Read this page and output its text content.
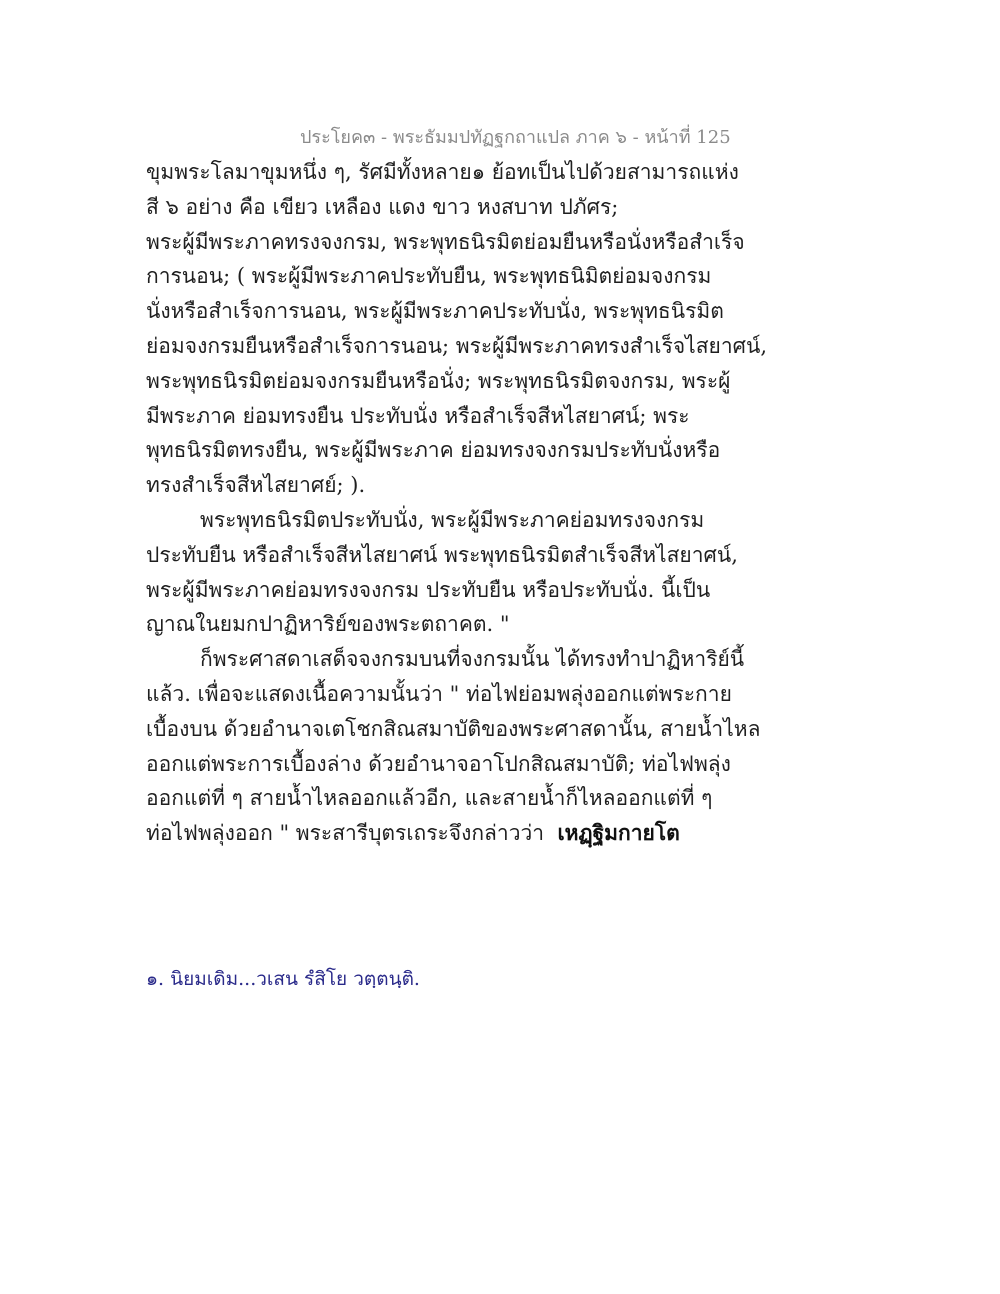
ประโยค๓ - พระธัมมปทัฏฐกถาแปล ภาค ๖ - หน้าที่ 125
ขุมพระโลมาขุมหนึ่ง ๆ, รัศมีทั้งหลาย๑ ย้อทเป็นไปด้วยสามารถแห่ง
สี ๖ อย่าง คือ เขียว เหลือง แดง ขาว หงสบาท ปภัศร;
พระผู้มีพระภาคทรงจงกรม, พระพุทธนิรมิตย่อมยืนหรือนั่งหรือสำเร็จ
การนอน; ( พระผู้มีพระภาคประทับยืน, พระพุทธนิมิตย่อมจงกรม
นั่งหรือสำเร็จการนอน, พระผู้มีพระภาคประทับนั่ง, พระพุทธนิรมิต
ย่อมจงกรมยืนหรือสำเร็จการนอน; พระผู้มีพระภาคทรงสำเร็จไสยาศน์,
พระพุทธนิรมิตย่อมจงกรมยืนหรือนั่ง; พระพุทธนิรมิตจงกรม, พระผู้
มีพระภาค ย่อมทรงยืน ประทับนั่ง หรือสำเร็จสีหไสยาศน์; พระ
พุทธนิรมิตทรงยืน, พระผู้มีพระภาค ย่อมทรงจงกรมประทับนั่งหรือ
ทรงสำเร็จสีหไสยาศย์; ).
พระพุทธนิรมิตประทับนั่ง, พระผู้มีพระภาคย่อมทรงจงกรม
ประทับยืน หรือสำเร็จสีหไสยาศน์ พระพุทธนิรมิตสำเร็จสีหไสยาศน์,
พระผู้มีพระภาคย่อมทรงจงกรม ประทับยืน หรือประทับนั่ง. นี้เป็น
ญาณในยมกปาฏิหาริย์ของพระตถาคต. "
ก็พระศาสดาเสด็จจงกรมบนที่จงกรมนั้น ได้ทรงทำปาฏิหาริย์นี้
แล้ว. เพื่อจะแสดงเนื้อความนั้นว่า " ท่อไฟย่อมพลุ่งออกแต่พระกาย
เบื้องบน ด้วยอำนาจเตโชกสิณสมาบัติของพระศาสดานั้น, สายน้ำไหล
ออกแต่พระการเบื้องล่าง ด้วยอำนาจอาโปกสิณสมาบัติ; ท่อไฟพลุ่ง
ออกแต่ที่ ๆ สายน้ำไหลออกแล้วอีก, และสายน้ำก็ไหลออกแต่ที่ ๆ
ท่อไฟพลุ่งออก " พระสารีบุตรเถระจึงกล่าวว่า เหฏฺฐิมกายโต
๑. นิยมเดิม...วเสน รํสิโย วตฺตนฺติ.
